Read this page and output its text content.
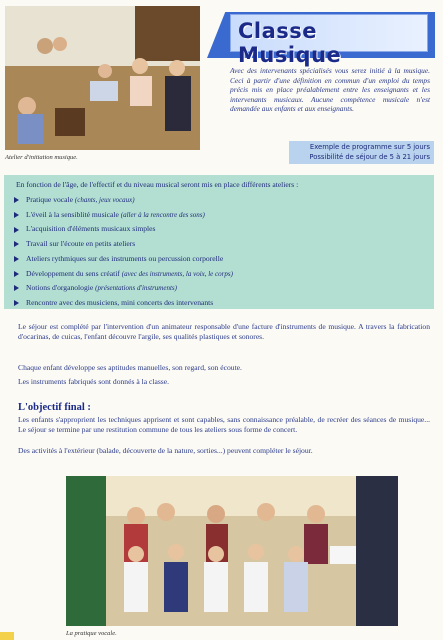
Atelier d'initiation musique.
Classe Musique
Avec des intervenants spécialisés vous serez initié à la musique. Ceci à partir d'une définition en commun d'un emploi du temps précis mis en place préalablement entre les enseignants et les intervenants musicaux. Aucune compétence musicale n'est demandée aux enfants et aux enseignants.
Exemple de programme sur 5 jours
Possibilité de séjour de 5 à 21 jours
En fonction de l'âge, de l'effectif et du niveau musical seront mis en place différents ateliers :
Pratique vocale (chants, jeux vocaux)
L'éveil à la sensiblité musicale (aller à la rencontre des sons)
L'acquisition d'éléments musicaux simples
Travail sur l'écoute en petits ateliers
Ateliers rythmiques sur des instruments ou percussion corporelle
Développement du sens créatif (avec des instruments, la voix, le corps)
Notions d'organologie (présentations d'instruments)
Rencontre avec des musiciens, mini concerts des intervenants
Le séjour est complété par l'intervention d'un animateur responsable d'une facture d'instruments de musique. A travers la fabrication d'ocarinas, de cuicas, l'enfant découvre l'argile, ses qualités plastiques et sonores.
Chaque enfant développe ses aptitudes manuelles, son regard, son écoute.
Les instruments fabriqués sont donnés à la classe.
L'objectif final :
Les enfants s'approprient les techniques apprisent et sont capables, sans connaissance préalable, de recréer des séances de musique... Le séjour se termine par une restitution commune de tous les ateliers sous forme de concert.
Des activités à l'extérieur (balade, découverte de la nature, sorties...) peuvent compléter le séjour.
La pratique vocale.
